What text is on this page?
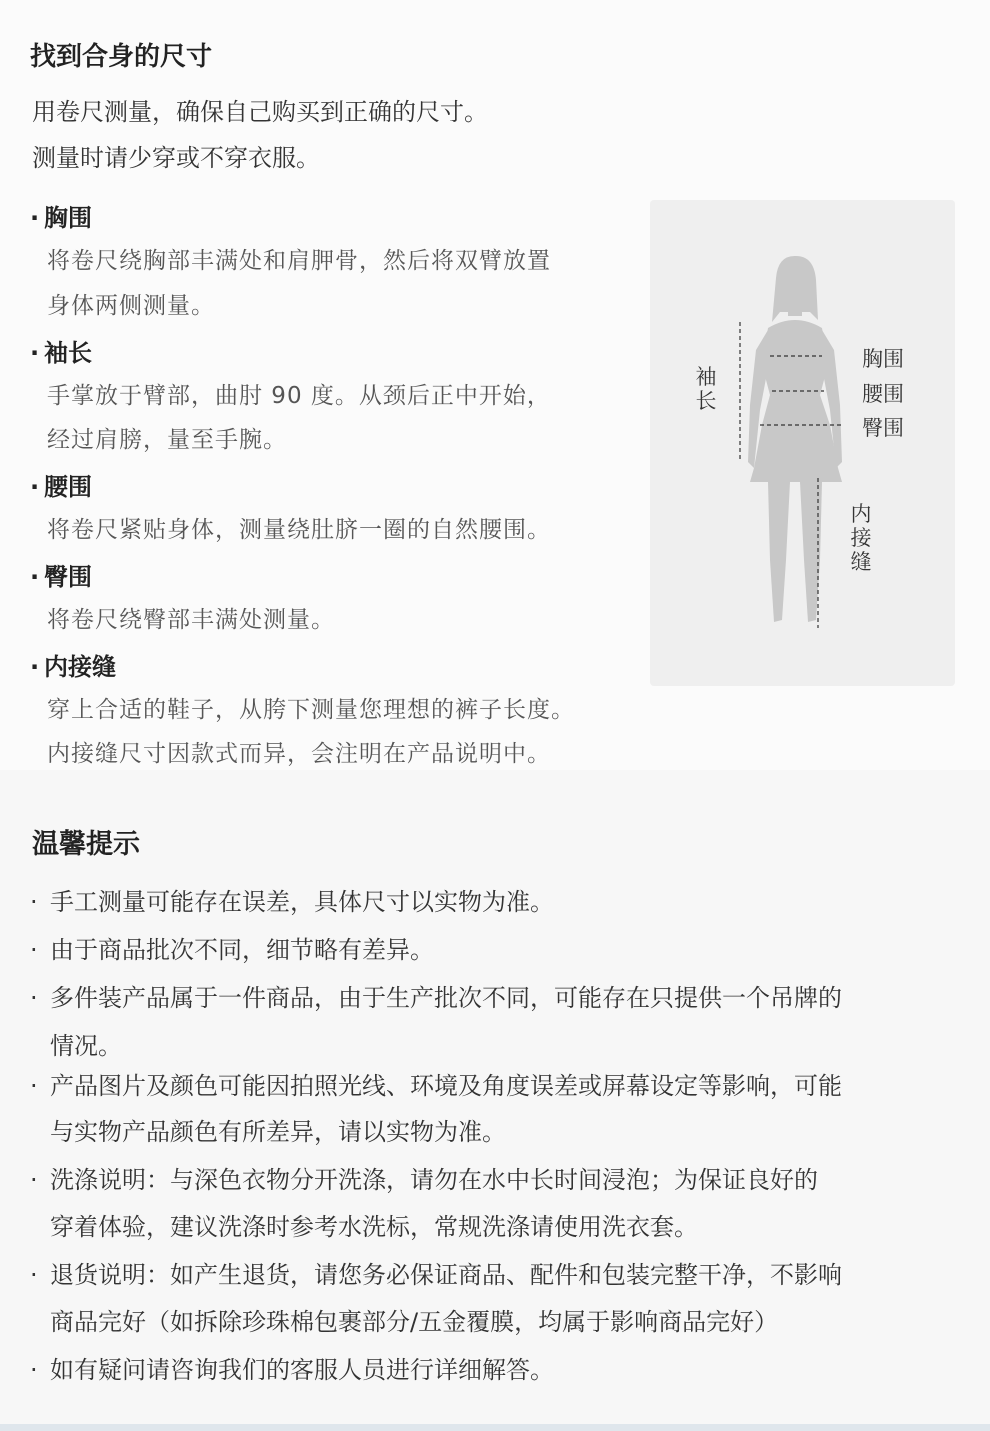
找到合身的尺寸
用卷尺测量，确保自己购买到正确的尺寸。
测量时请少穿或不穿衣服。
· 胸围
将卷尺绕胸部丰满处和肩胛骨，然后将双臂放置
身体两侧测量。
· 袖长
手掌放于臂部，曲肘 90 度。从颈后正中开始，
经过肩膀，量至手腕。
· 腰围
将卷尺紧贴身体，测量绕肚脐一圈的自然腰围。
· 臀围
将卷尺绕臀部丰满处测量。
· 内接缝
穿上合适的鞋子，从胯下测量您理想的裤子长度。
内接缝尺寸因款式而异，会注明在产品说明中。
袖长
胸围
腰围
臀围
内接缝
温馨提示
· 手工测量可能存在误差，具体尺寸以实物为准。
· 由于商品批次不同，细节略有差异。
· 多件装产品属于一件商品，由于生产批次不同，可能存在只提供一个吊牌的
情况。
· 产品图片及颜色可能因拍照光线、环境及角度误差或屏幕设定等影响，可能
与实物产品颜色有所差异，请以实物为准。
· 洗涤说明：与深色衣物分开洗涤，请勿在水中长时间浸泡；为保证良好的
穿着体验，建议洗涤时参考水洗标，常规洗涤请使用洗衣套。
· 退货说明：如产生退货，请您务必保证商品、配件和包装完整干净，不影响
商品完好（如拆除珍珠棉包裹部分/五金覆膜，均属于影响商品完好）
· 如有疑问请咨询我们的客服人员进行详细解答。
